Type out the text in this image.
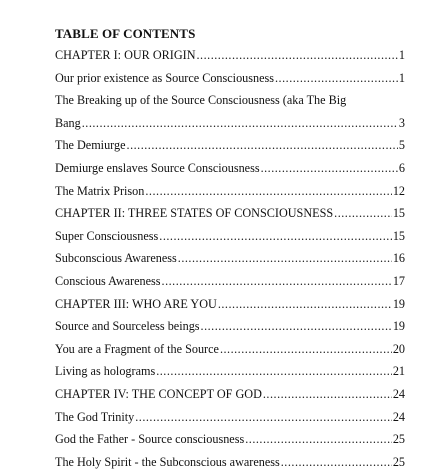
TABLE OF CONTENTS
CHAPTER I: OUR ORIGIN .....	1
Our prior existence as Source Consciousness .....	1
The Breaking up of the Source Consciousness (aka The Big
Bang .....	3
The Demiurge .....	5
Demiurge enslaves Source Consciousness .....	6
The Matrix Prison .....	12
CHAPTER II: THREE STATES OF CONSCIOUSNESS .....	15
Super Consciousness .....	15
Subconscious Awareness .....	16
Conscious Awareness .....	17
CHAPTER III: WHO ARE YOU .....	19
Source and Sourceless beings .....	19
You are a Fragment of the Source .....	20
Living as holograms .....	21
CHAPTER IV: THE CONCEPT OF GOD .....	24
The God Trinity .....	24
God the Father - Source consciousness .....	25
The Holy Spirit - the Subconscious awareness .....	25
